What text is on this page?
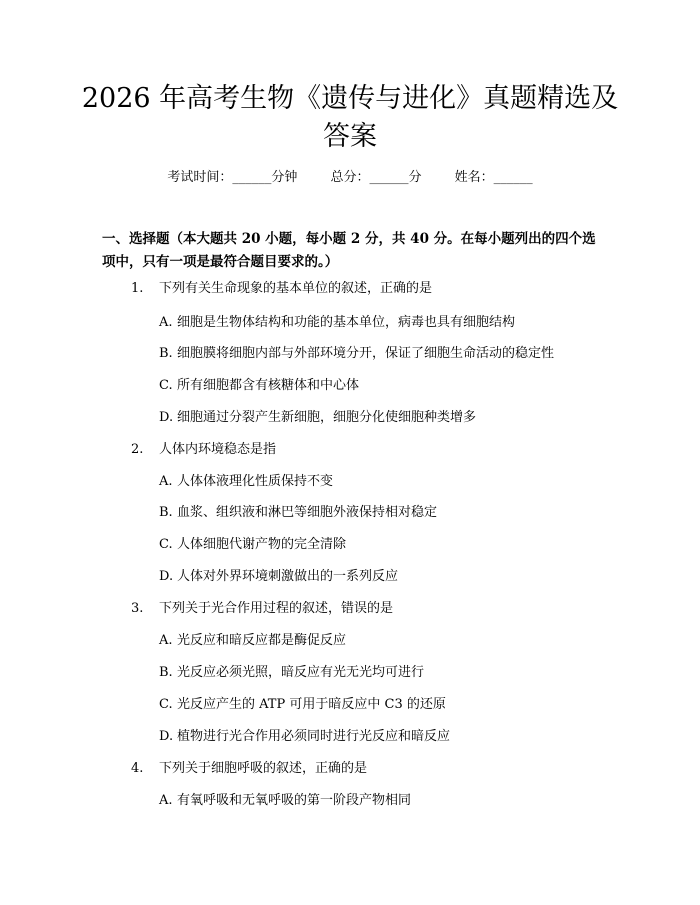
2026 年高考生物《遗传与进化》真题精选及
答案
考试时间：______分钟	总分：______分	姓名：______

一、选择题（本大题共 20 小题，每小题 2 分，共 40 分。在每小题列出的四个选
项中，只有一项是最符合题目要求的。）

1. 下列有关生命现象的基本单位的叙述，正确的是
A. 细胞是生物体结构和功能的基本单位，病毒也具有细胞结构
B. 细胞膜将细胞内部与外部环境分开，保证了细胞生命活动的稳定性
C. 所有细胞都含有核糖体和中心体
D. 细胞通过分裂产生新细胞，细胞分化使细胞种类增多
2. 人体内环境稳态是指
A. 人体体液理化性质保持不变
B. 血浆、组织液和淋巴等细胞外液保持相对稳定
C. 人体细胞代谢产物的完全清除
D. 人体对外界环境刺激做出的一系列反应
3. 下列关于光合作用过程的叙述，错误的是
A. 光反应和暗反应都是酶促反应
B. 光反应必须光照，暗反应有光无光均可进行
C. 光反应产生的 ATP 可用于暗反应中 C3 的还原
D. 植物进行光合作用必须同时进行光反应和暗反应
4. 下列关于细胞呼吸的叙述，正确的是
A. 有氧呼吸和无氧呼吸的第一阶段产物相同
